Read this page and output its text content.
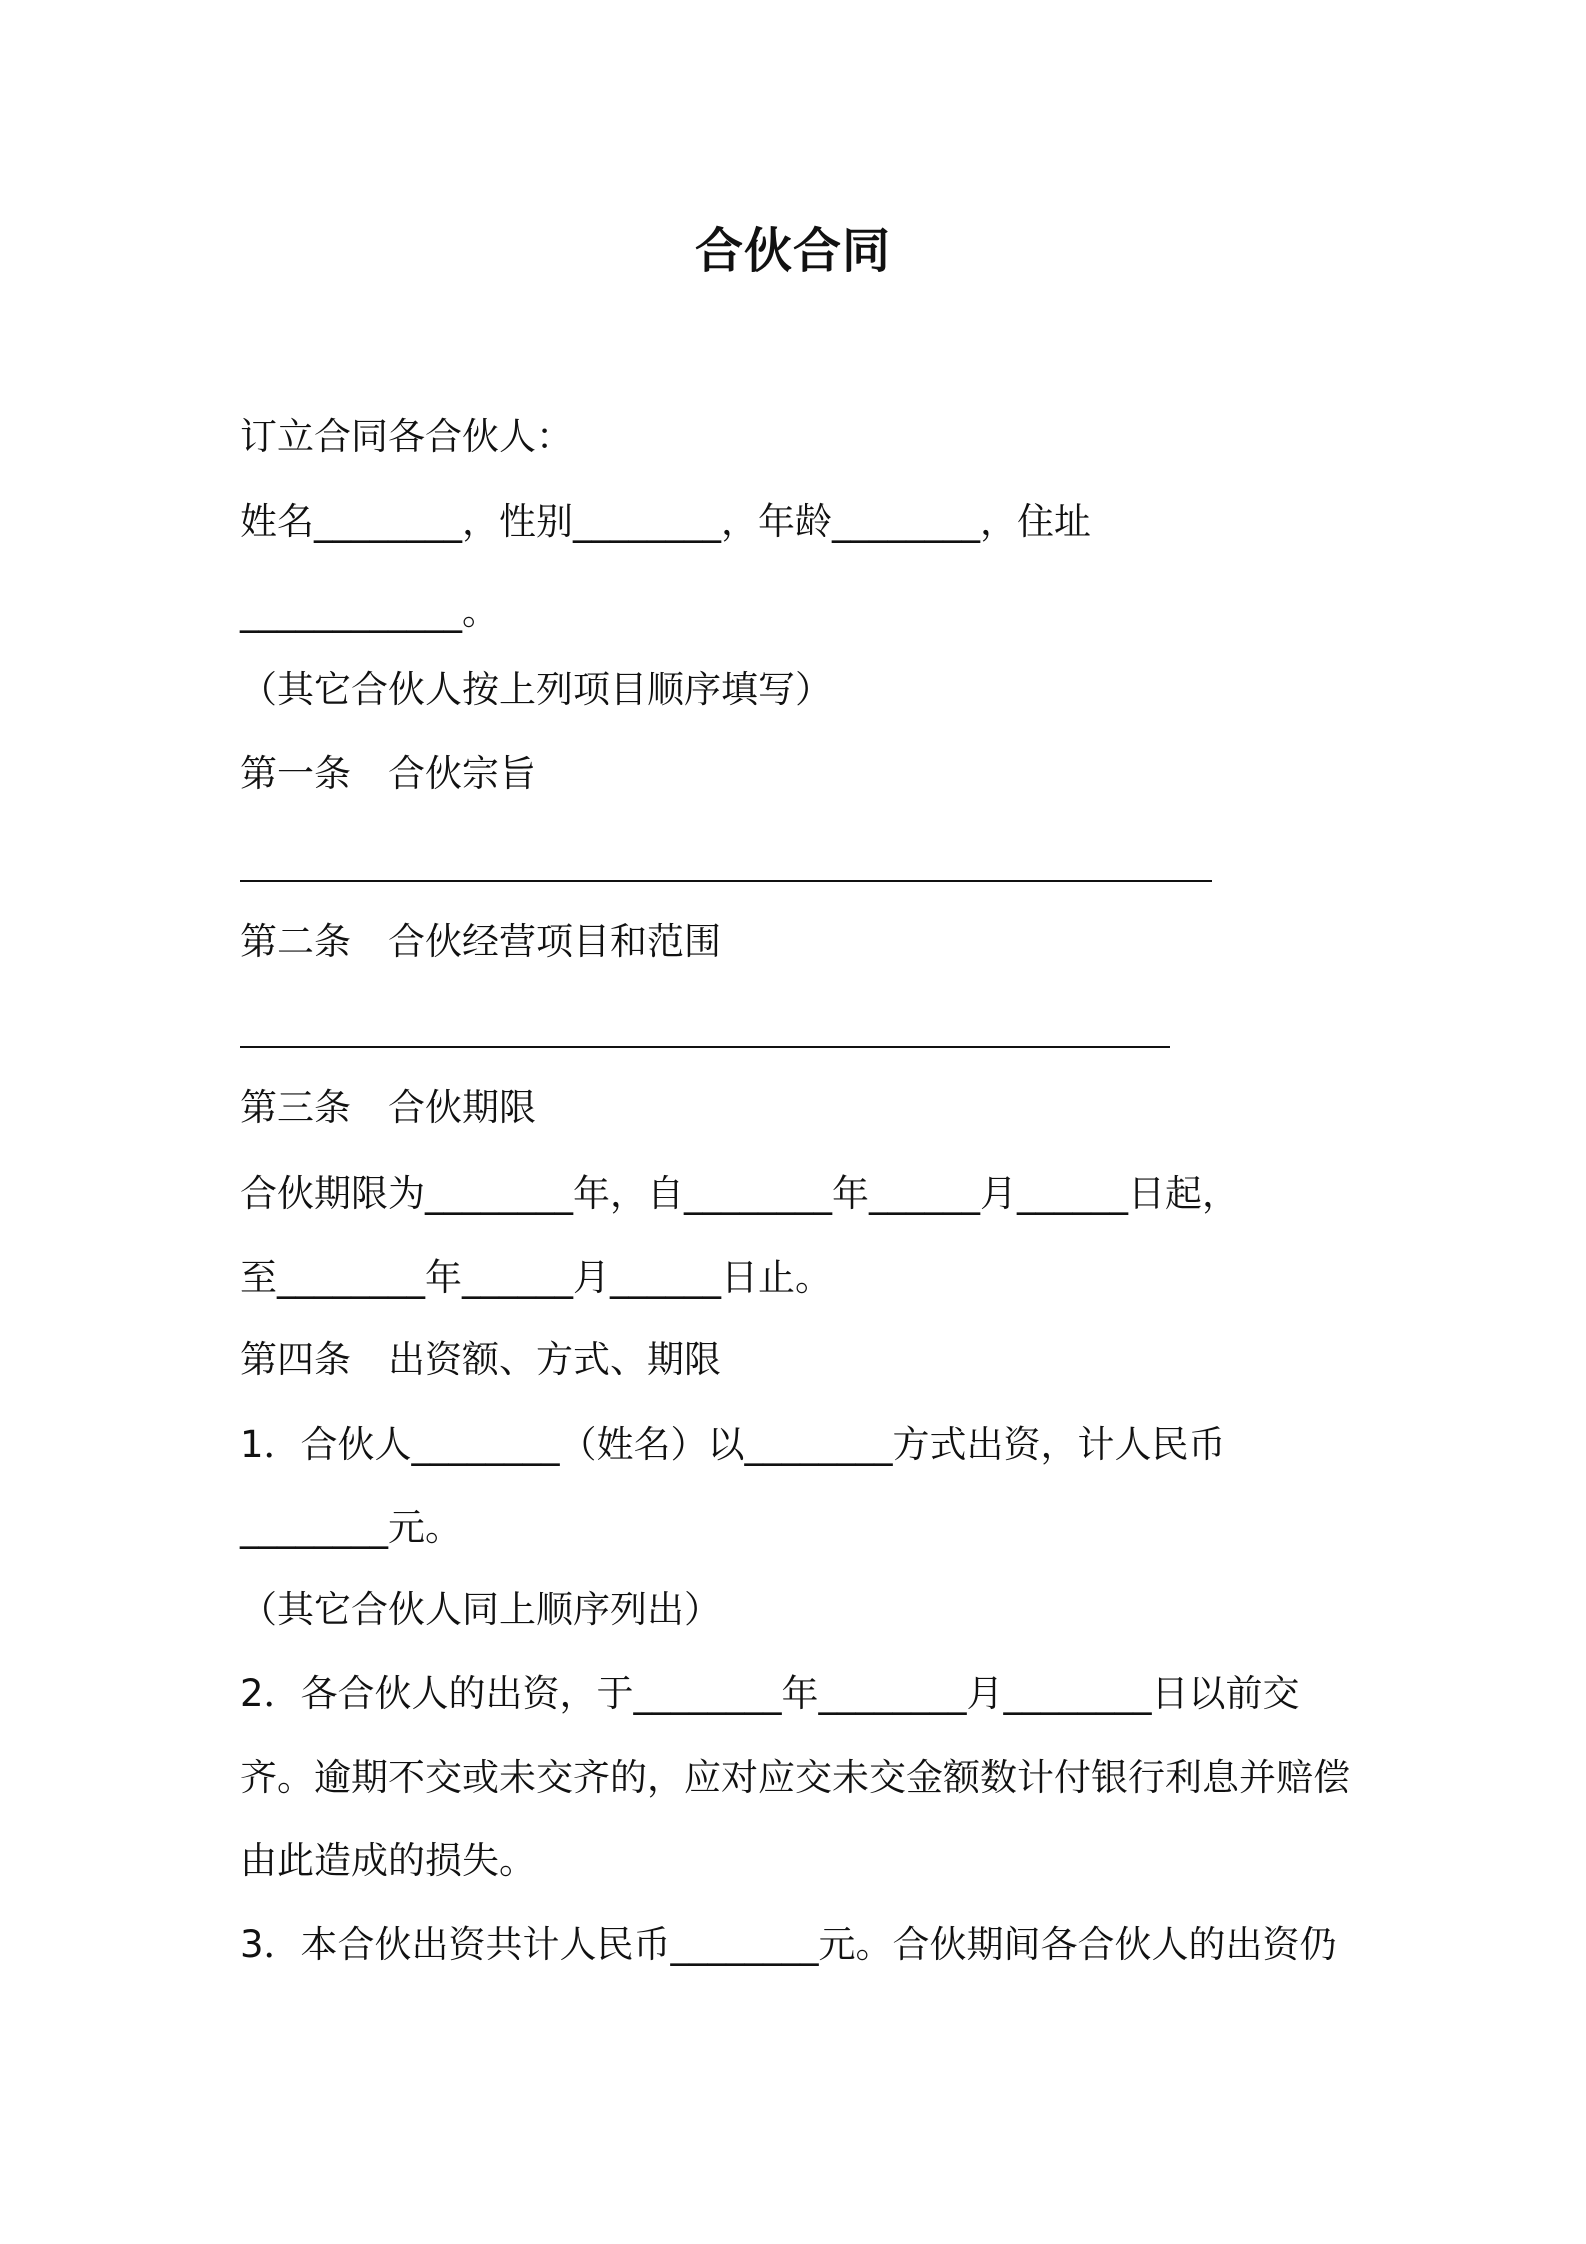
合伙合同
订立合同各合伙人：
姓名________，性别________，年龄________，住址
____________。
（其它合伙人按上列项目顺序填写）
第一条　合伙宗旨
第二条　合伙经营项目和范围
第三条　合伙期限
合伙期限为________年，自________年______月______日起，
至________年______月______日止。
第四条　出资额、方式、期限
1．合伙人________（姓名）以________方式出资，计人民币
________元。
（其它合伙人同上顺序列出）
2．各合伙人的出资，于________年________月________日以前交
齐。逾期不交或未交齐的，应对应交未交金额数计付银行利息并赔偿
由此造成的损失。
3．本合伙出资共计人民币________元。合伙期间各合伙人的出资仍
